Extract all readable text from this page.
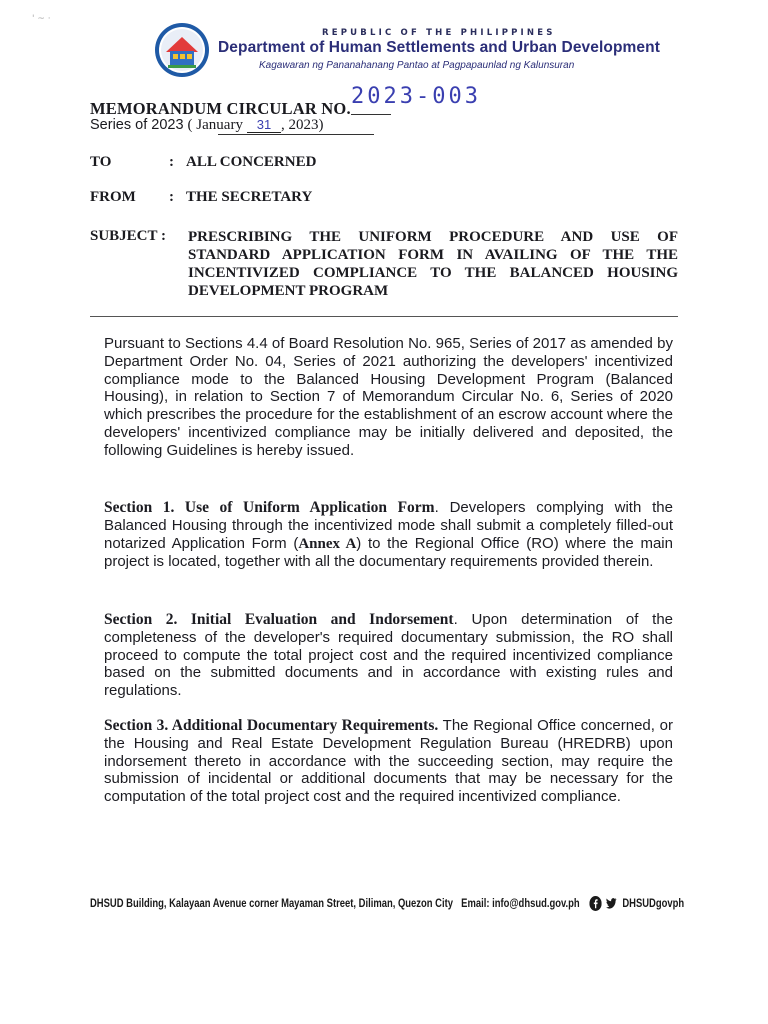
' ~ ·
REPUBLIC OF THE PHILIPPINES
Department of Human Settlements and Urban Development
Kagawaran ng Pananahanang Pantao at Pagpapaunlad ng Kalunsuran
MEMORANDUM CIRCULAR NO. 2023-003
Series of 2023 ( January 31 , 2023)
TO	: ALL CONCERNED
FROM : THE SECRETARY
SUBJECT : PRESCRIBING THE UNIFORM PROCEDURE AND USE OF STANDARD APPLICATION FORM IN AVAILING OF THE THE INCENTIVIZED COMPLIANCE TO THE BALANCED HOUSING DEVELOPMENT PROGRAM
Pursuant to Sections 4.4 of Board Resolution No. 965, Series of 2017 as amended by Department Order No. 04, Series of 2021 authorizing the developers' incentivized compliance mode to the Balanced Housing Development Program (Balanced Housing), in relation to Section 7 of Memorandum Circular No. 6, Series of 2020 which prescribes the procedure for the establishment of an escrow account where the developers' incentivized compliance may be initially delivered and deposited, the following Guidelines is hereby issued.
Section 1. Use of Uniform Application Form. Developers complying with the Balanced Housing through the incentivized mode shall submit a completely filled-out notarized Application Form (Annex A) to the Regional Office (RO) where the main project is located, together with all the documentary requirements provided therein.
Section 2. Initial Evaluation and Indorsement. Upon determination of the completeness of the developer's required documentary submission, the RO shall proceed to compute the total project cost and the required incentivized compliance based on the submitted documents and in accordance with existing rules and regulations.
Section 3. Additional Documentary Requirements. The Regional Office concerned, or the Housing and Real Estate Development Regulation Bureau (HREDRB) upon indorsement thereto in accordance with the succeeding section, may require the submission of incidental or additional documents that may be necessary for the computation of the total project cost and the required incentivized compliance.
DHSUD Building, Kalayaan Avenue corner Mayaman Street, Diliman, Quezon City Email: info@dhsud.gov.ph	DHSUDgovph
